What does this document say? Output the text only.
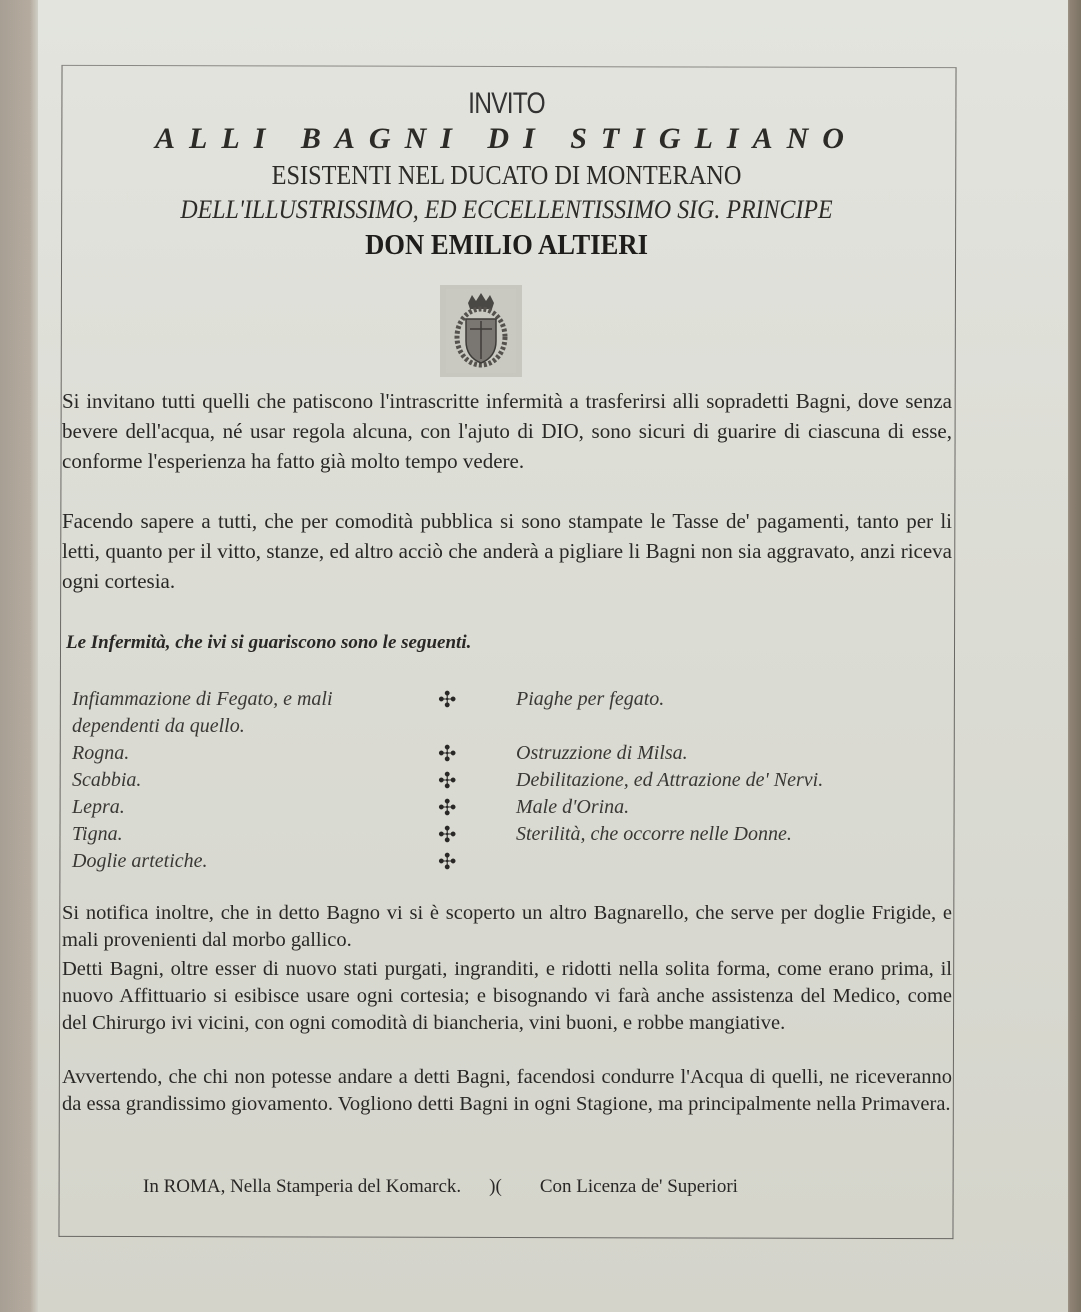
INVITO
ALLI BAGNI DI STIGLIANO
ESISTENTI NEL DUCATO DI MONTERANO
DELL'ILLUSTRISSIMO, ED ECCELLENTISSIMO SIG. PRINCIPE
DON EMILIO ALTIERI
Si invitano tutti quelli che patiscono l'intrascritte infermità a trasferirsi alli sopradetti Bagni, dove senza bevere dell'acqua, né usar regola alcuna, con l'ajuto di DIO, sono sicuri di guarire di ciascuna di esse, conforme l'esperienza ha fatto già molto tempo vedere.
Facendo sapere a tutti, che per comodità pubblica si sono stampate le Tasse de' pagamenti, tanto per li letti, quanto per il vitto, stanze, ed altro acciò che anderà a pigliare li Bagni non sia aggravato, anzi riceva ogni cortesia.
Le Infermità, che ivi si guariscono sono le seguenti.
Infiammazione di Fegato, e mali	✣	Piaghe per fegato.
dependenti da quello.
Rogna.	✣	Ostruzzione di Milsa.
Scabbia.	✣	Debilitazione, ed Attrazione de' Nervi.
Lepra.	✣	Male d'Orina.
Tigna.	✣	Sterilità, che occorre nelle Donne.
Doglie artetiche.	✣
Si notifica inoltre, che in detto Bagno vi si è scoperto un altro Bagnarello, che serve per doglie Frigide, e mali provenienti dal morbo gallico.
Detti Bagni, oltre esser di nuovo stati purgati, ingranditi, e ridotti nella solita forma, come erano prima, il nuovo Affittuario si esibisce usare ogni cortesia; e bisognando vi farà anche assistenza del Medico, come del Chirurgo ivi vicini, con ogni comodità di biancheria, vini buoni, e robbe mangiative.
Avvertendo, che chi non potesse andare a detti Bagni, facendosi condurre l'Acqua di quelli, ne riceveranno da essa grandissimo giovamento. Vogliono detti Bagni in ogni Stagione, ma principalmente nella Primavera.
In ROMA, Nella Stamperia del Komarck. )( Con Licenza de' Superiori
